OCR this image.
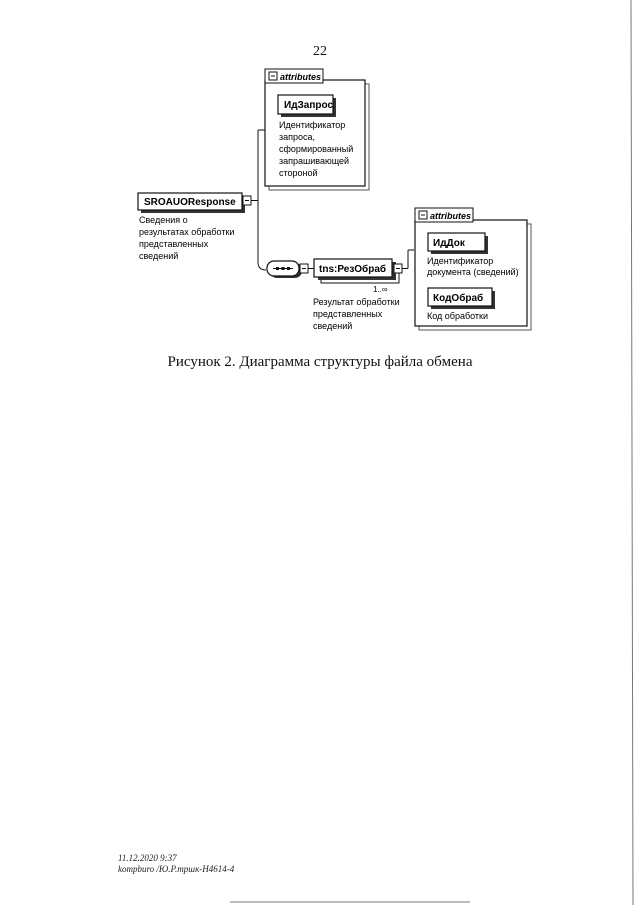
22
attributes
ИдЗапрос
Идентификатор запроса, сформированный запрашивающей стороной
SROAUOResponse
Сведения о результатах обработки представленных сведений
tns:РезОбраб
1..∞
Результат обработки представленных сведений
attributes
ИдДок
Идентификатор документа (сведений)
КодОбраб
Код обработки
Рисунок 2. Диаграмма структуры файла обмена
11.12.2020 9:37
kompburo /Ю.Р.тршк-Н4614-4
